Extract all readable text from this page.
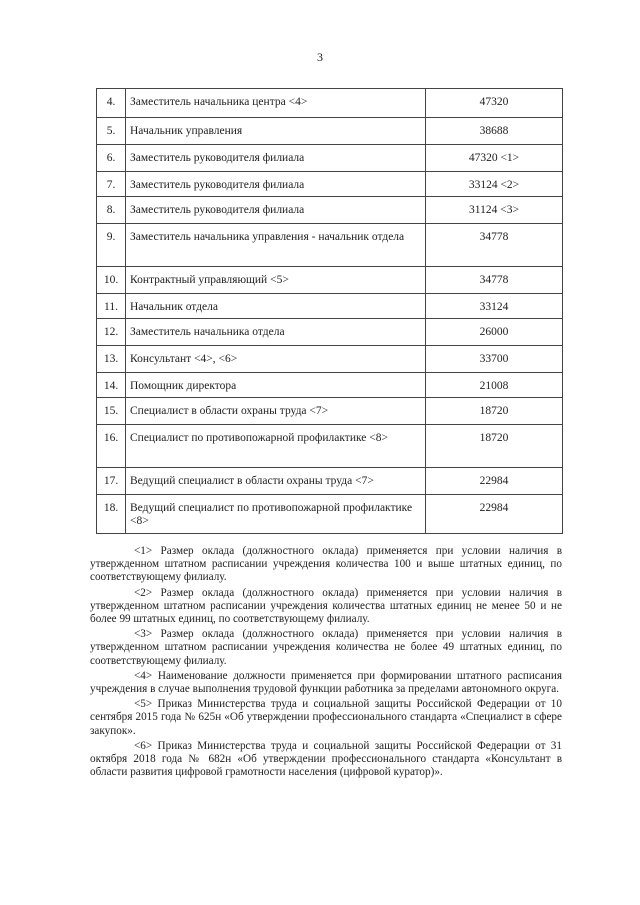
3
4.	Заместитель начальника центра <4>	47320
5.	Начальник управления	38688
6.	Заместитель руководителя филиала	47320 <1>
7.	Заместитель руководителя филиала	33124 <2>
8.	Заместитель руководителя филиала	31124 <3>
9.	Заместитель начальника управления - начальник отдела	34778
10.	Контрактный управляющий <5>	34778
11.	Начальник отдела	33124
12.	Заместитель начальника отдела	26000
13.	Консультант <4>, <6>	33700
14.	Помощник директора	21008
15.	Специалист в области охраны труда <7>	18720
16.	Специалист по противопожарной профилактике <8>	18720
17.	Ведущий специалист в области охраны труда <7>	22984
18.	Ведущий специалист по противопожарной профилактике <8>	22984

<1> Размер оклада (должностного оклада) применяется при условии наличия в утвержденном штатном расписании учреждения количества 100 и выше штатных единиц, по соответствующему филиалу.

<2> Размер оклада (должностного оклада) применяется при условии наличия в утвержденном штатном расписании учреждения количества штатных единиц не менее 50 и не более 99 штатных единиц, по соответствующему филиалу.

<3> Размер оклада (должностного оклада) применяется при условии наличия в утвержденном штатном расписании учреждения количества не более 49 штатных единиц, по соответствующему филиалу.

<4> Наименование должности применяется при формировании штатного расписания учреждения в случае выполнения трудовой функции работника за пределами автономного округа.

<5> Приказ Министерства труда и социальной защиты Российской Федерации от 10 сентября 2015 года № 625н «Об утверждении профессионального стандарта «Специалист в сфере закупок».

<6> Приказ Министерства труда и социальной защиты Российской Федерации от 31 октября 2018 года № 682н «Об утверждении профессионального стандарта «Консультант в области развития цифровой грамотности населения (цифровой куратор)».
